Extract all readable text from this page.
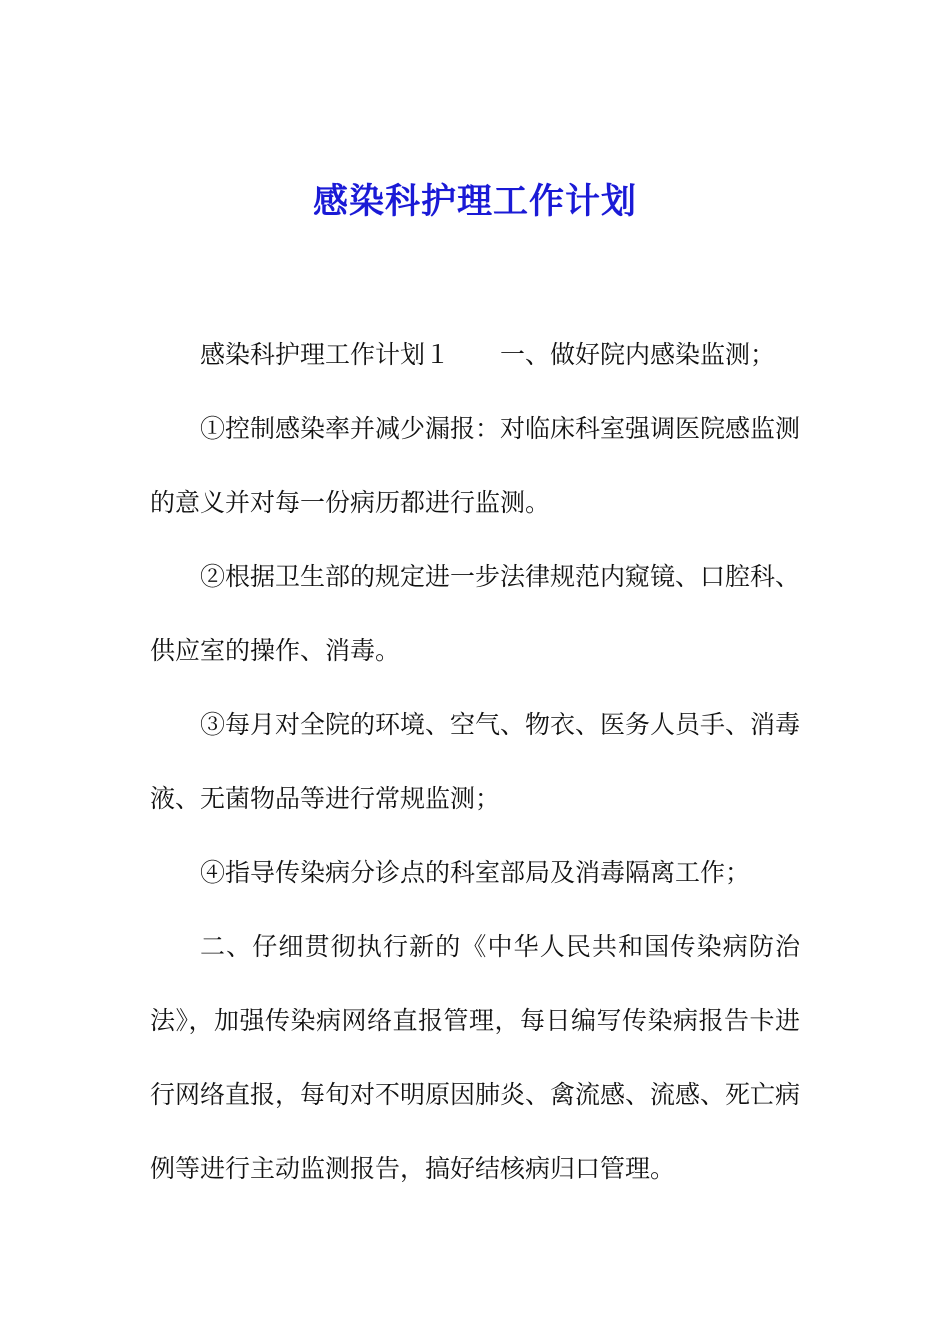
感染科护理工作计划

感染科护理工作计划１ 一、做好院内感染监测；

①控制感染率并减少漏报：对临床科室强调医院感监测的意义并对每一份病历都进行监测。

②根据卫生部的规定进一步法律规范内窥镜、口腔科、供应室的操作、消毒。

③每月对全院的环境、空气、物衣、医务人员手、消毒液、无菌物品等进行常规监测；

④指导传染病分诊点的科室部局及消毒隔离工作；

二、仔细贯彻执行新的《中华人民共和国传染病防治法》，加强传染病网络直报管理，每日编写传染病报告卡进行网络直报，每旬对不明原因肺炎、禽流感、流感、死亡病例等进行主动监测报告，搞好结核病归口管理。
